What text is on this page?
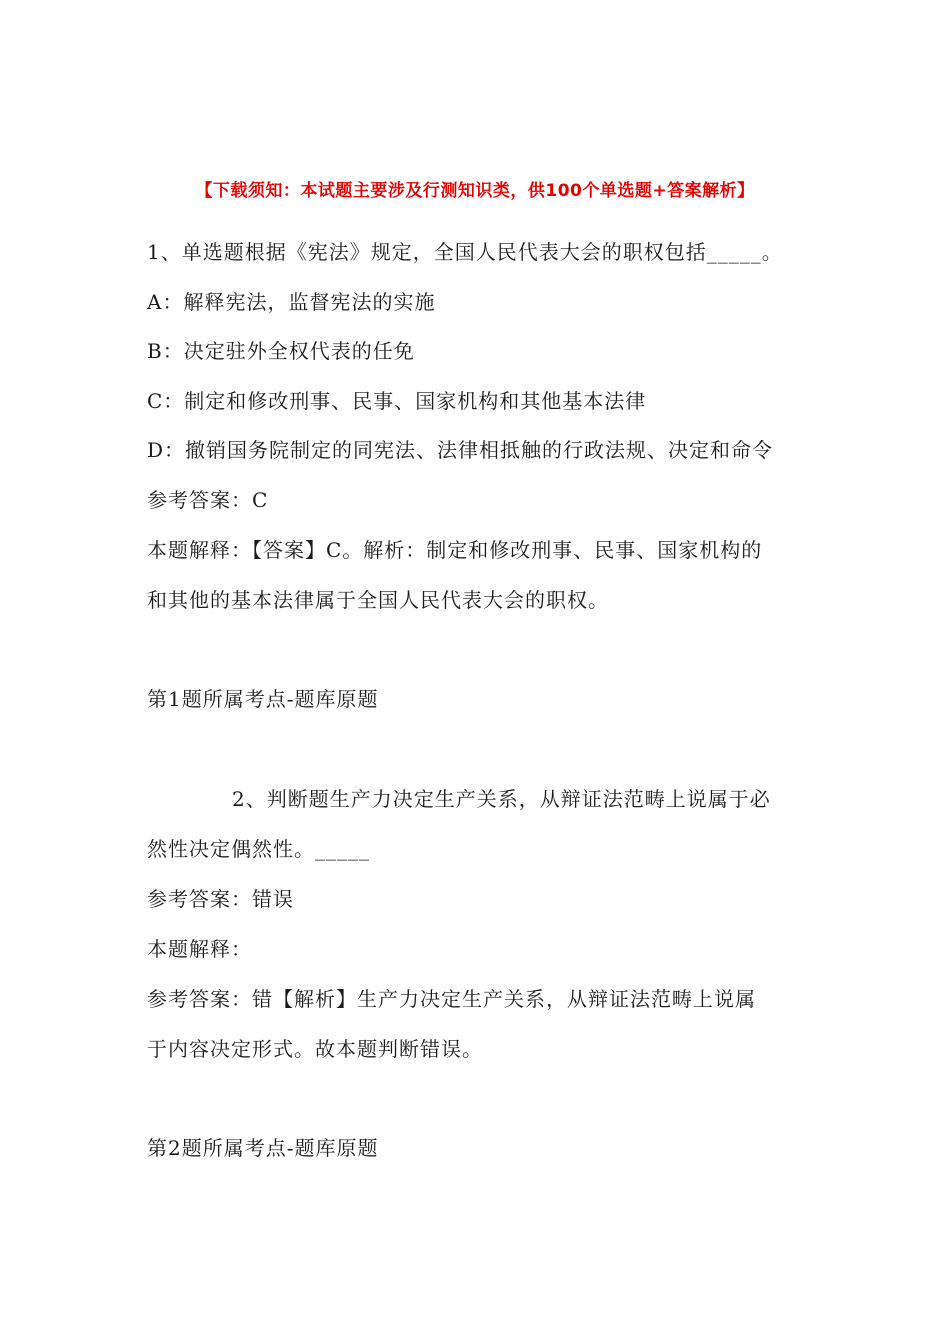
【下载须知：本试题主要涉及行测知识类，供100个单选题+答案解析】
1、单选题根据《宪法》规定，全国人民代表大会的职权包括_____。
A：解释宪法，监督宪法的实施
B：决定驻外全权代表的任免
C：制定和修改刑事、民事、国家机构和其他基本法律
D：撤销国务院制定的同宪法、法律相抵触的行政法规、决定和命令
参考答案：C
本题解释：【答案】C。解析：制定和修改刑事、民事、国家机构的
和其他的基本法律属于全国人民代表大会的职权。
第1题所属考点-题库原题
2、判断题生产力决定生产关系，从辩证法范畴上说属于必
然性决定偶然性。_____
参考答案：错误
本题解释：
参考答案：错【解析】生产力决定生产关系，从辩证法范畴上说属
于内容决定形式。故本题判断错误。
第2题所属考点-题库原题
